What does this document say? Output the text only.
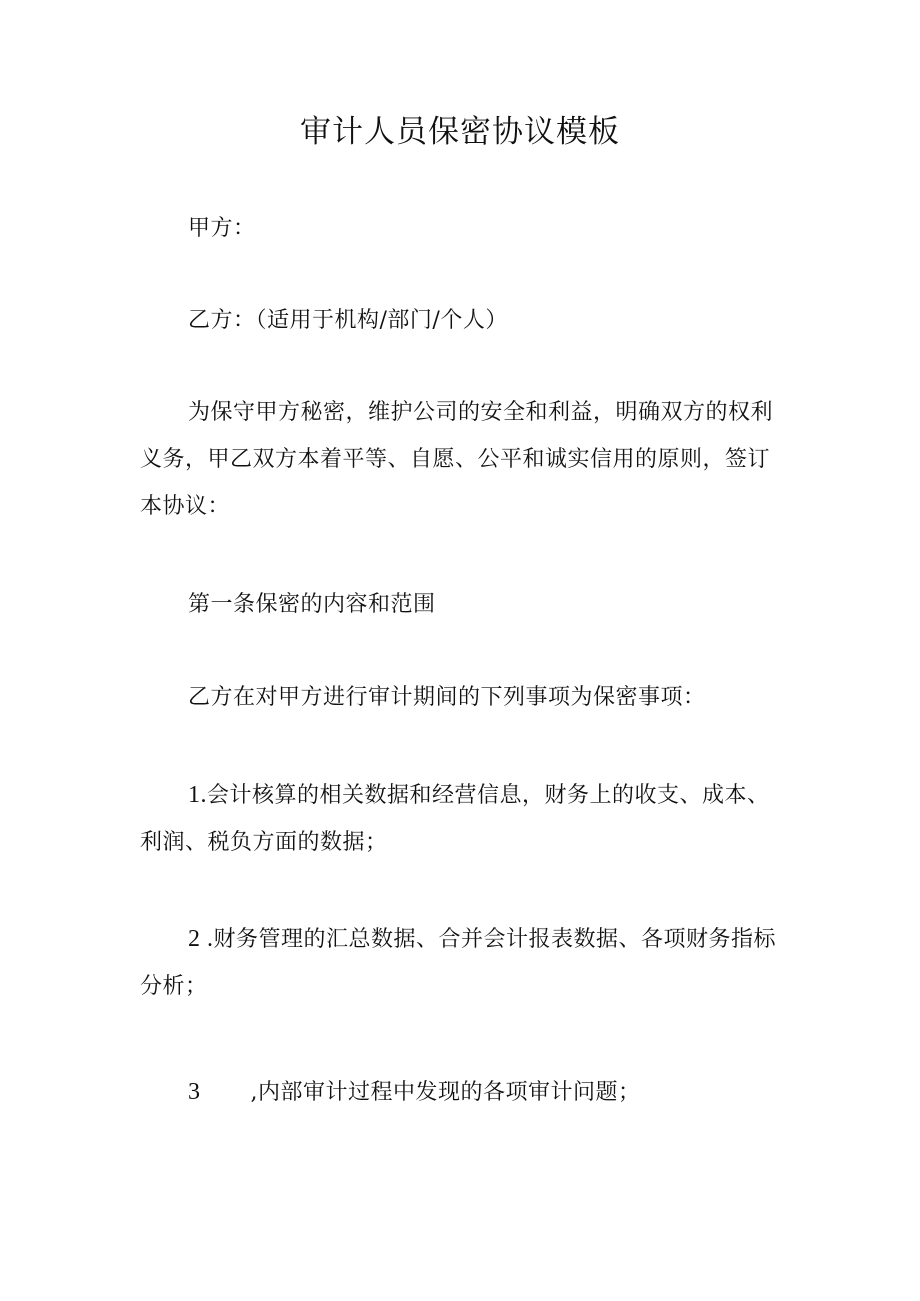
审计人员保密协议模板

甲方：

乙方：（适用于机构/部门/个人）

为保守甲方秘密，维护公司的安全和利益，明确双方的权利义务，甲乙双方本着平等、自愿、公平和诚实信用的原则，签订本协议：

第一条保密的内容和范围

乙方在对甲方进行审计期间的下列事项为保密事项：

1.会计核算的相关数据和经营信息，财务上的收支、成本、利润、税负方面的数据；

2 .财务管理的汇总数据、合并会计报表数据、各项财务指标分析；

3 ,内部审计过程中发现的各项审计问题；
